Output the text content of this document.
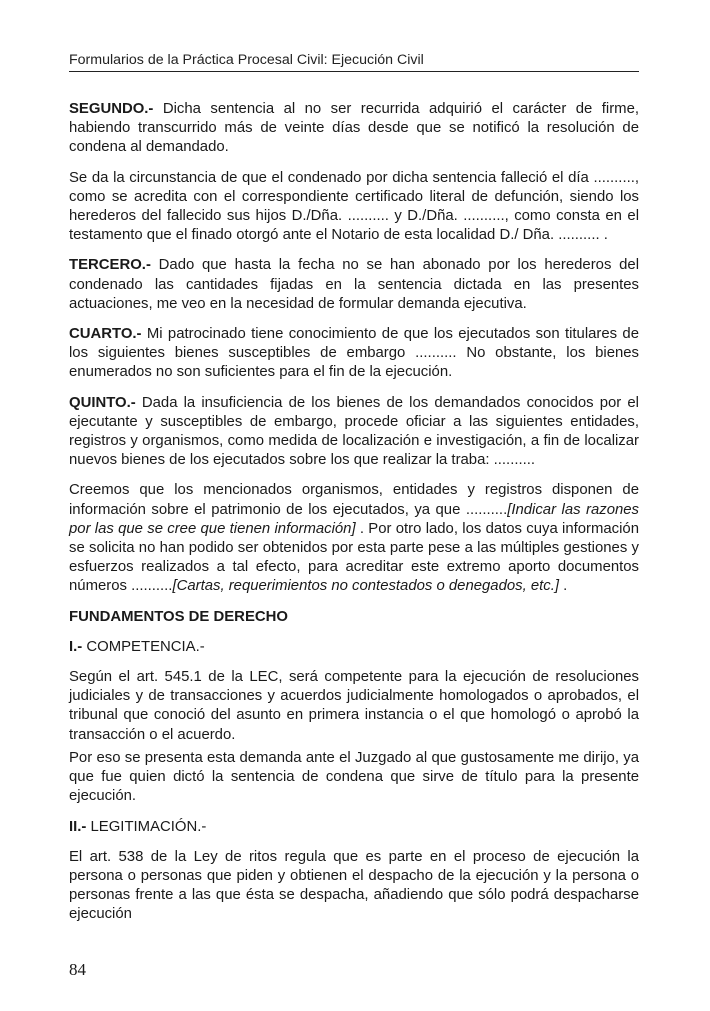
Formularios de la Práctica Procesal Civil: Ejecución Civil

SEGUNDO.- Dicha sentencia al no ser recurrida adquirió el carácter de firme, habiendo transcurrido más de veinte días desde que se notificó la resolución de condena al demandado.

Se da la circunstancia de que el condenado por dicha sentencia falleció el día .........., como se acredita con el correspondiente certificado literal de defunción, siendo los herederos del fallecido sus hijos D./Dña. .......... y D./Dña. .........., como consta en el testamento que el finado otorgó ante el Notario de esta localidad D./ Dña. .......... .

TERCERO.- Dado que hasta la fecha no se han abonado por los herederos del condenado las cantidades fijadas en la sentencia dictada en las presentes actuaciones, me veo en la necesidad de formular demanda ejecutiva.

CUARTO.- Mi patrocinado tiene conocimiento de que los ejecutados son titulares de los siguientes bienes susceptibles de embargo .......... No obstante, los bienes enumerados no son suficientes para el fin de la ejecución.

QUINTO.- Dada la insuficiencia de los bienes de los demandados conocidos por el ejecutante y susceptibles de embargo, procede oficiar a las siguientes entidades, registros y organismos, como medida de localización e investigación, a fin de localizar nuevos bienes de los ejecutados sobre los que realizar la traba: ..........

Creemos que los mencionados organismos, entidades y registros disponen de información sobre el patrimonio de los ejecutados, ya que ..........[Indicar las razones por las que se cree que tienen información] . Por otro lado, los datos cuya información se solicita no han podido ser obtenidos por esta parte pese a las múltiples gestiones y esfuerzos realizados a tal efecto, para acreditar este extremo aporto documentos números ..........[Cartas, requerimientos no contestados o denegados, etc.] .

FUNDAMENTOS DE DERECHO
I.- COMPETENCIA.-

Según el art. 545.1 de la LEC, será competente para la ejecución de resoluciones judiciales y de transacciones y acuerdos judicialmente homologados o aprobados, el tribunal que conoció del asunto en primera instancia o el que homologó o aprobó la transacción o el acuerdo.

Por eso se presenta esta demanda ante el Juzgado al que gustosamente me dirijo, ya que fue quien dictó la sentencia de condena que sirve de título para la presente ejecución.

II.- LEGITIMACIÓN.-

El art. 538 de la Ley de ritos regula que es parte en el proceso de ejecución la persona o personas que piden y obtienen el despacho de la ejecución y la persona o personas frente a las que ésta se despacha, añadiendo que sólo podrá despacharse ejecución

84
